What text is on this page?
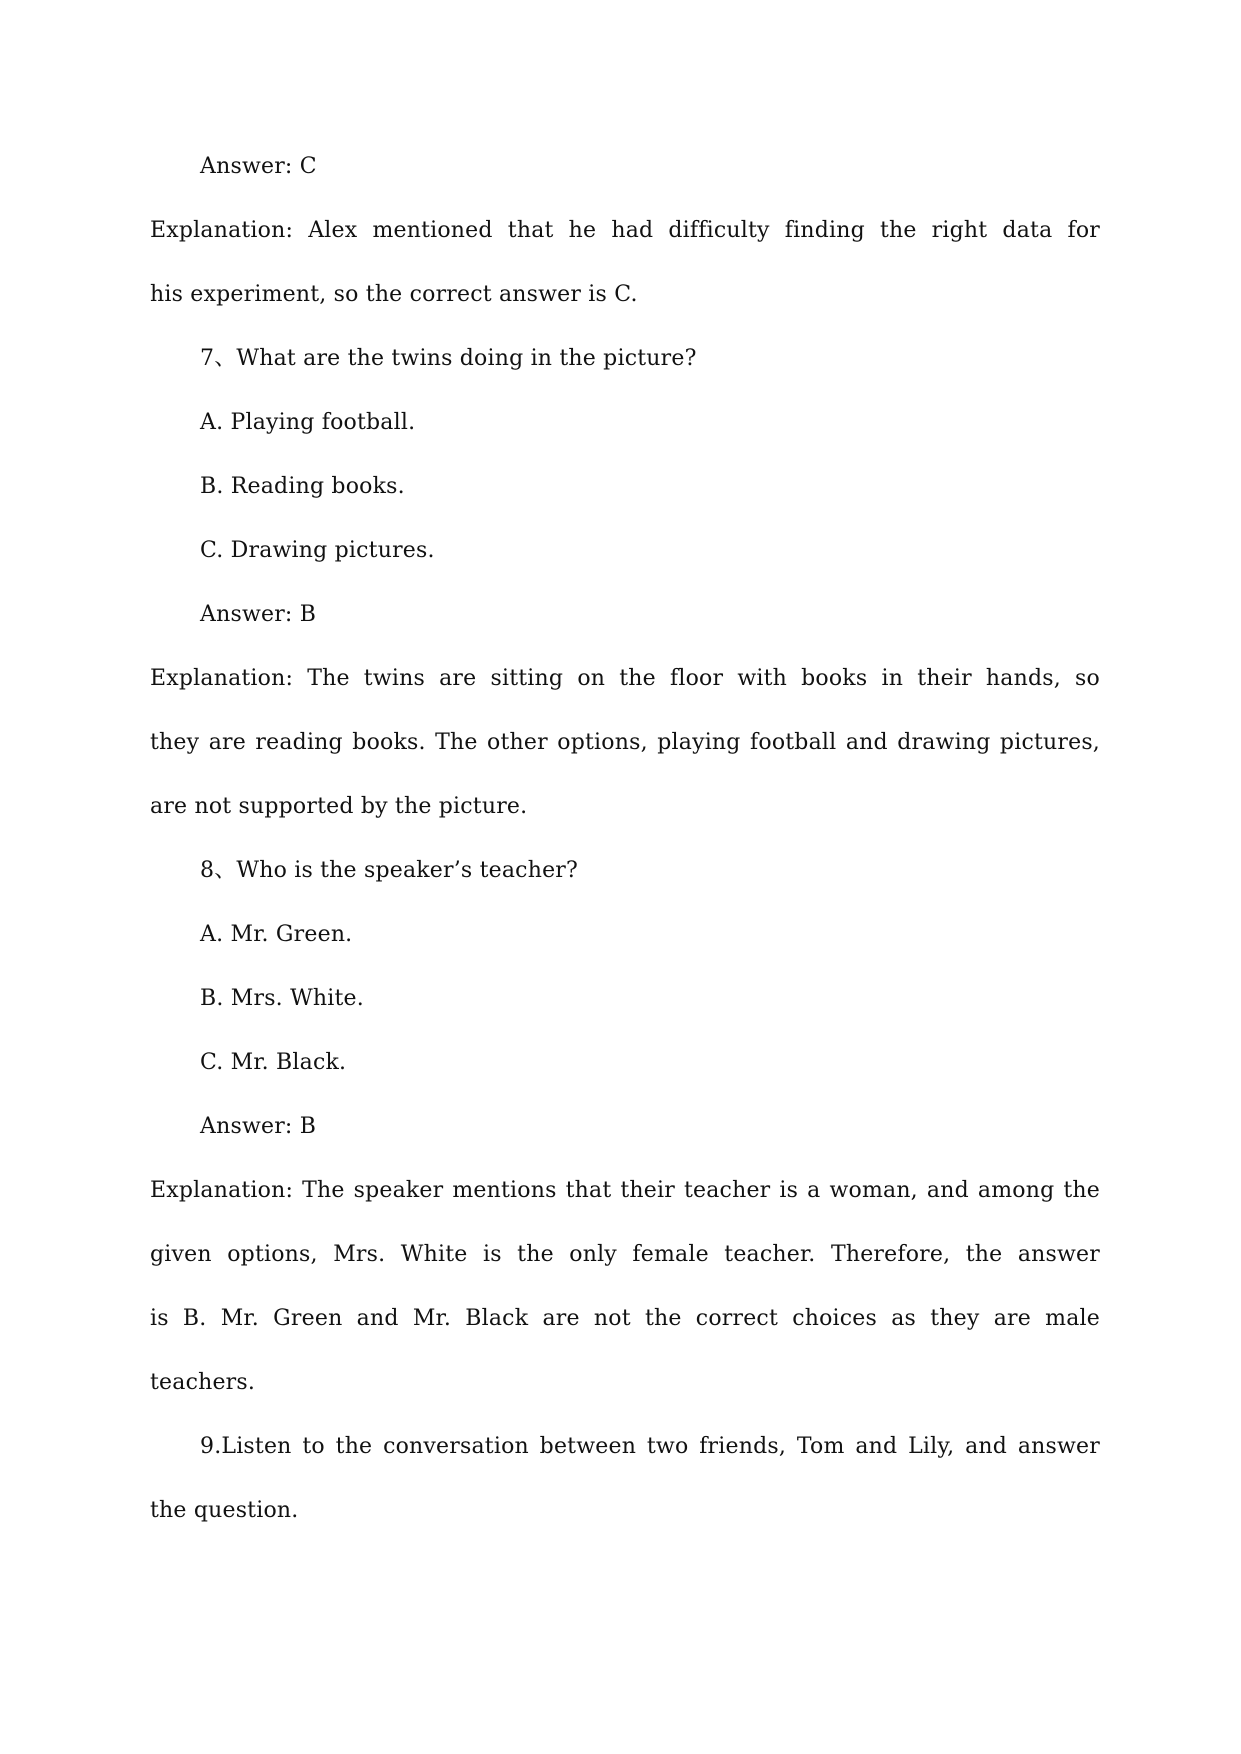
Answer: C
Explanation: Alex mentioned that he had difficulty finding the right data for
his experiment, so the correct answer is C.
7、What are the twins doing in the picture?
A. Playing football.
B. Reading books.
C. Drawing pictures.
Answer: B
Explanation: The twins are sitting on the floor with books in their hands, so
they are reading books. The other options, playing football and drawing pictures,
are not supported by the picture.
8、Who is the speaker’s teacher?
A. Mr. Green.
B. Mrs. White.
C. Mr. Black.
Answer: B
Explanation: The speaker mentions that their teacher is a woman, and among the
given options, Mrs. White is the only female teacher. Therefore, the answer
is B. Mr. Green and Mr. Black are not the correct choices as they are male
teachers.
9.Listen to the conversation between two friends, Tom and Lily, and answer
the question.
